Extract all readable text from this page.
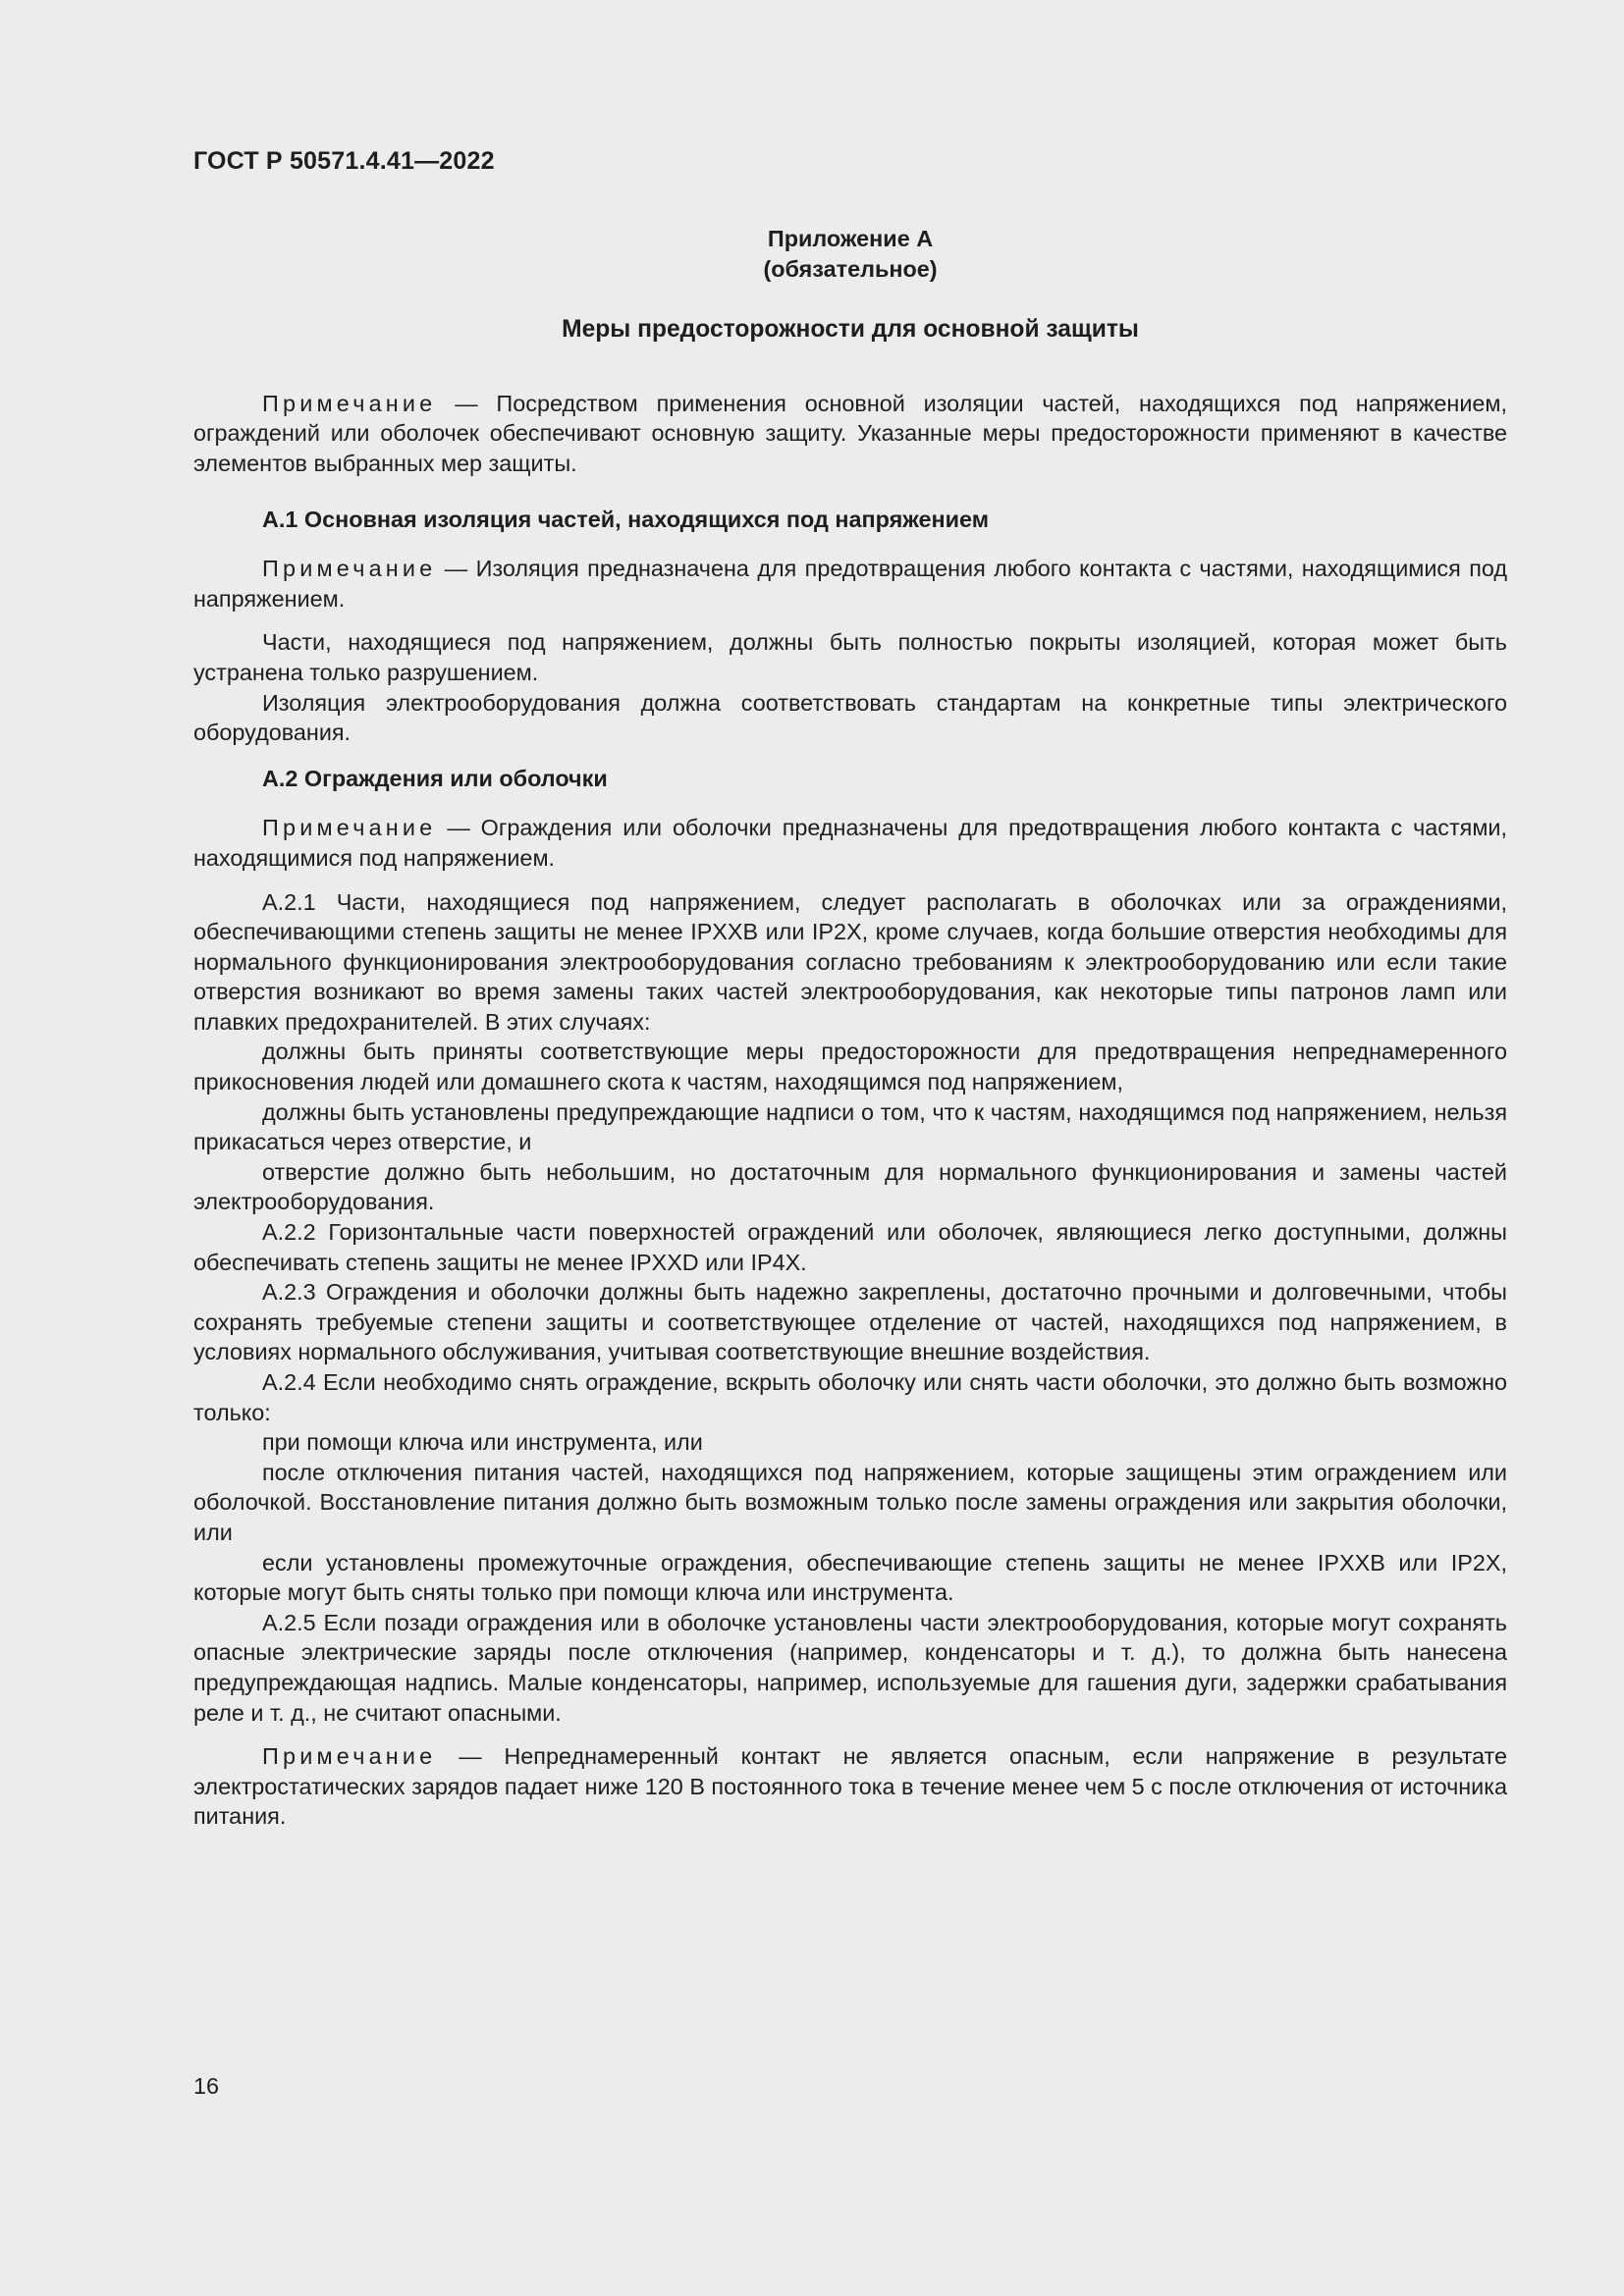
ГОСТ Р 50571.4.41—2022
Приложение А
(обязательное)
Меры предосторожности для основной защиты

Примечание — Посредством применения основной изоляции частей, находящихся под напряжением, ограждений или оболочек обеспечивают основную защиту. Указанные меры предосторожности применяют в качестве элементов выбранных мер защиты.

А.1 Основная изоляция частей, находящихся под напряжением

Примечание — Изоляция предназначена для предотвращения любого контакта с частями, находящимися под напряжением.

Части, находящиеся под напряжением, должны быть полностью покрыты изоляцией, которая может быть устранена только разрушением.

Изоляция электрооборудования должна соответствовать стандартам на конкретные типы электрического оборудования.

А.2 Ограждения или оболочки

Примечание — Ограждения или оболочки предназначены для предотвращения любого контакта с частями, находящимися под напряжением.

А.2.1 Части, находящиеся под напряжением, следует располагать в оболочках или за ограждениями, обеспечивающими степень защиты не менее IPXXB или IP2X, кроме случаев, когда большие отверстия необходимы для нормального функционирования электрооборудования согласно требованиям к электрооборудованию или если такие отверстия возникают во время замены таких частей электрооборудования, как некоторые типы патронов ламп или плавких предохранителей. В этих случаях:

должны быть приняты соответствующие меры предосторожности для предотвращения непреднамеренного прикосновения людей или домашнего скота к частям, находящимся под напряжением,

должны быть установлены предупреждающие надписи о том, что к частям, находящимся под напряжением, нельзя прикасаться через отверстие, и

отверстие должно быть небольшим, но достаточным для нормального функционирования и замены частей электрооборудования.

А.2.2 Горизонтальные части поверхностей ограждений или оболочек, являющиеся легко доступными, должны обеспечивать степень защиты не менее IPXXD или IP4X.

А.2.3 Ограждения и оболочки должны быть надежно закреплены, достаточно прочными и долговечными, чтобы сохранять требуемые степени защиты и соответствующее отделение от частей, находящихся под напряжением, в условиях нормального обслуживания, учитывая соответствующие внешние воздействия.

А.2.4 Если необходимо снять ограждение, вскрыть оболочку или снять части оболочки, это должно быть возможно только:

при помощи ключа или инструмента, или

после отключения питания частей, находящихся под напряжением, которые защищены этим ограждением или оболочкой. Восстановление питания должно быть возможным только после замены ограждения или закрытия оболочки, или

если установлены промежуточные ограждения, обеспечивающие степень защиты не менее IPXXB или IP2X, которые могут быть сняты только при помощи ключа или инструмента.

А.2.5 Если позади ограждения или в оболочке установлены части электрооборудования, которые могут сохранять опасные электрические заряды после отключения (например, конденсаторы и т. д.), то должна быть нанесена предупреждающая надпись. Малые конденсаторы, например, используемые для гашения дуги, задержки срабатывания реле и т. д., не считают опасными.

Примечание — Непреднамеренный контакт не является опасным, если напряжение в результате электростатических зарядов падает ниже 120 В постоянного тока в течение менее чем 5 с после отключения от источника питания.

16
